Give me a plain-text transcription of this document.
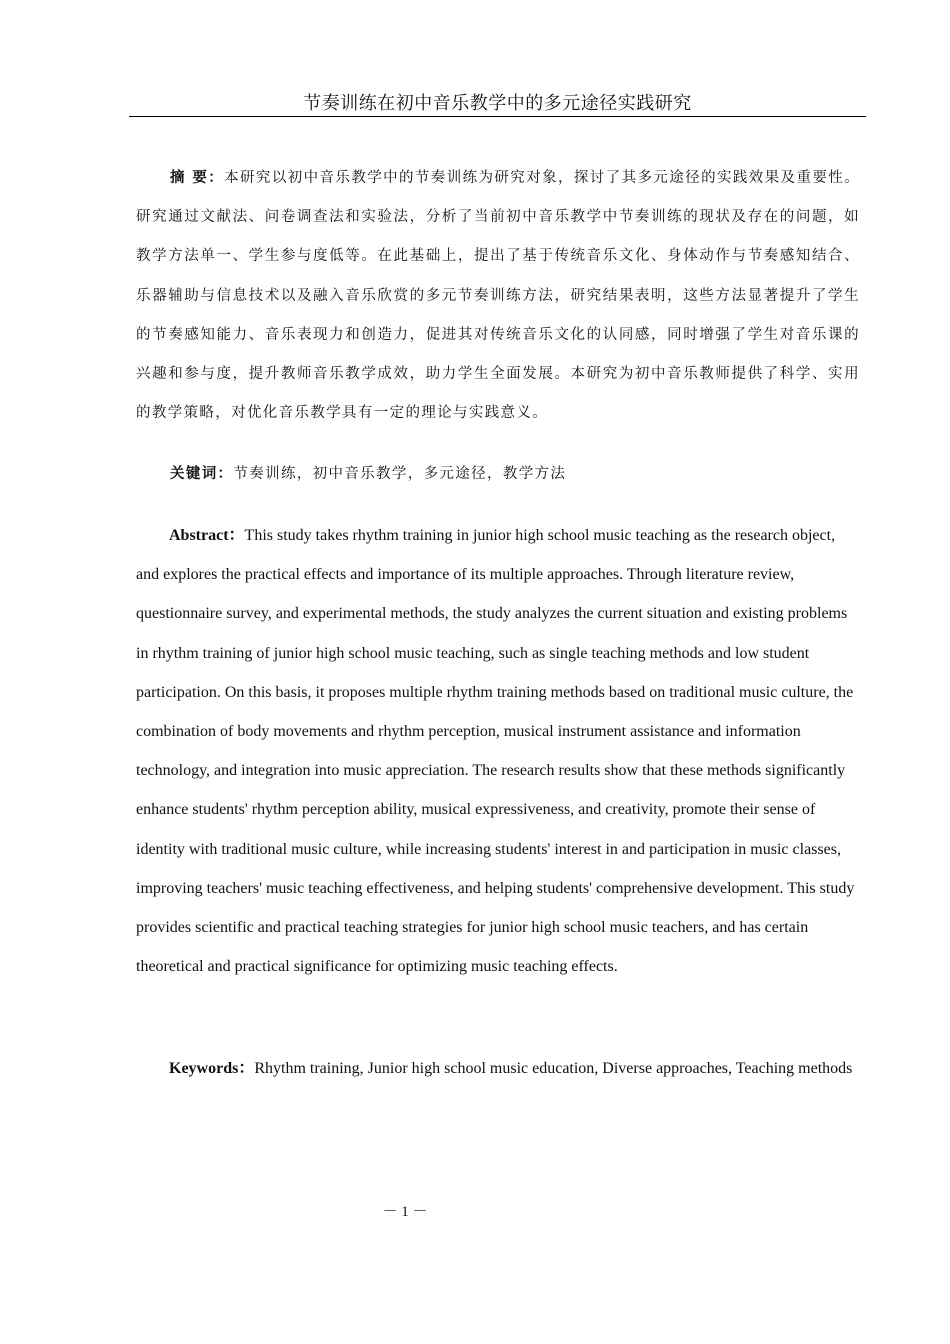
节奏训练在初中音乐教学中的多元途径实践研究

摘 要：本研究以初中音乐教学中的节奏训练为研究对象，探讨了其多元途径的实践效果及重要性。研究通过文献法、问卷调查法和实验法，分析了当前初中音乐教学中节奏训练的现状及存在的问题，如教学方法单一、学生参与度低等。在此基础上，提出了基于传统音乐文化、身体动作与节奏感知结合、乐器辅助与信息技术以及融入音乐欣赏的多元节奏训练方法，研究结果表明，这些方法显著提升了学生的节奏感知能力、音乐表现力和创造力，促进其对传统音乐文化的认同感，同时增强了学生对音乐课的兴趣和参与度，提升教师音乐教学成效，助力学生全面发展。本研究为初中音乐教师提供了科学、实用的教学策略，对优化音乐教学具有一定的理论与实践意义。

关键词：节奏训练，初中音乐教学，多元途径，教学方法

Abstract：This study takes rhythm training in junior high school music teaching as the research object, and explores the practical effects and importance of its multiple approaches. Through literature review, questionnaire survey, and experimental methods, the study analyzes the current situation and existing problems in rhythm training of junior high school music teaching, such as single teaching methods and low student participation. On this basis, it proposes multiple rhythm training methods based on traditional music culture, the combination of body movements and rhythm perception, musical instrument assistance and information technology, and integration into music appreciation. The research results show that these methods significantly enhance students' rhythm perception ability, musical expressiveness, and creativity, promote their sense of identity with traditional music culture, while increasing students' interest in and participation in music classes, improving teachers' music teaching effectiveness, and helping students' comprehensive development. This study provides scientific and practical teaching strategies for junior high school music teachers, and has certain theoretical and practical significance for optimizing music teaching effects.

Keywords：Rhythm training, Junior high school music education, Diverse approaches, Teaching methods

－ 1 －
